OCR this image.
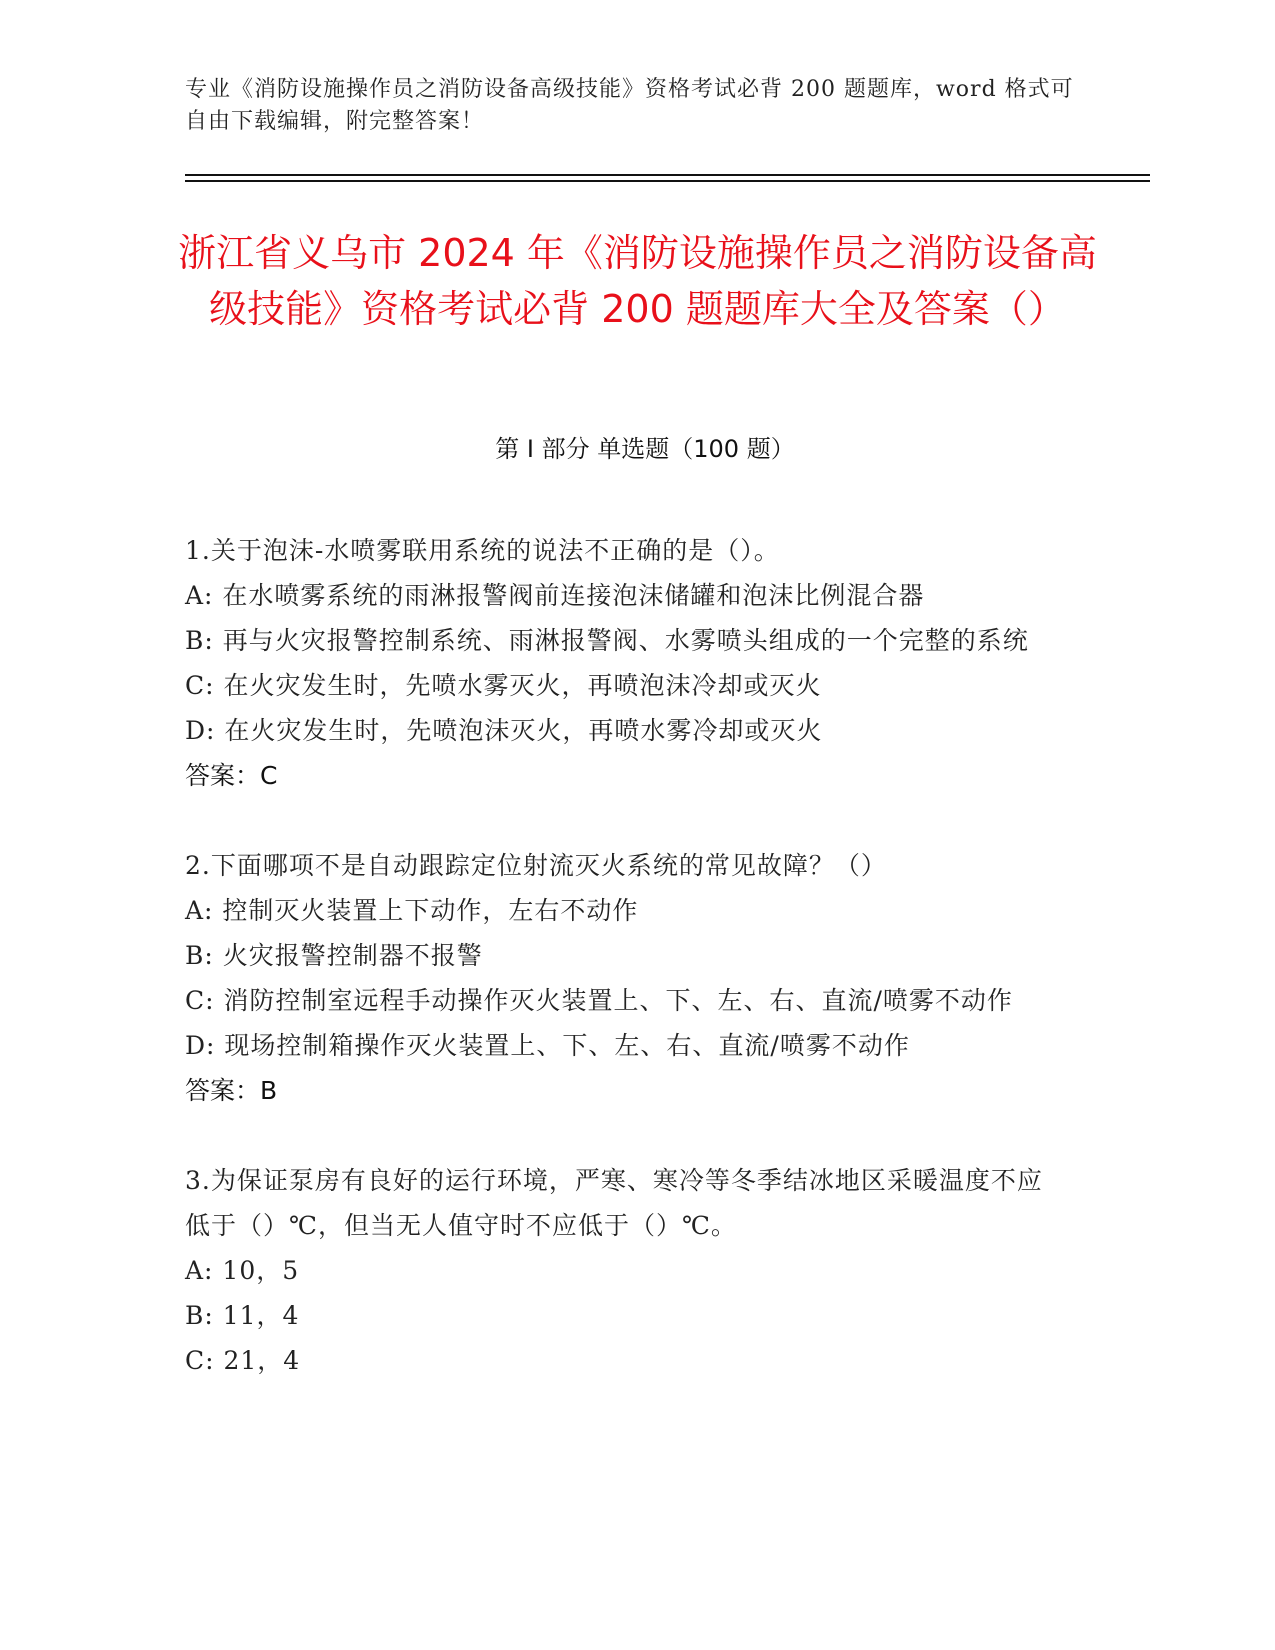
专业《消防设施操作员之消防设备高级技能》资格考试必背 200 题题库，word 格式可自由下载编辑，附完整答案！
浙江省义乌市 2024 年《消防设施操作员之消防设备高级技能》资格考试必背 200 题题库大全及答案（）
第 I 部分 单选题（100 题）

1.关于泡沫-水喷雾联用系统的说法不正确的是（）。

A: 在水喷雾系统的雨淋报警阀前连接泡沫储罐和泡沫比例混合器

B: 再与火灾报警控制系统、雨淋报警阀、水雾喷头组成的一个完整的系统

C: 在火灾发生时，先喷水雾灭火，再喷泡沫冷却或灭火

D: 在火灾发生时，先喷泡沫灭火，再喷水雾冷却或灭火

答案：C

2.下面哪项不是自动跟踪定位射流灭火系统的常见故障？（）

A: 控制灭火装置上下动作，左右不动作

B: 火灾报警控制器不报警

C: 消防控制室远程手动操作灭火装置上、下、左、右、直流/喷雾不动作

D: 现场控制箱操作灭火装置上、下、左、右、直流/喷雾不动作

答案：B

3.为保证泵房有良好的运行环境，严寒、寒冷等冬季结冰地区采暖温度不应低于（）℃，但当无人值守时不应低于（）℃。

A: 10，5

B: 11，4

C: 21，4
